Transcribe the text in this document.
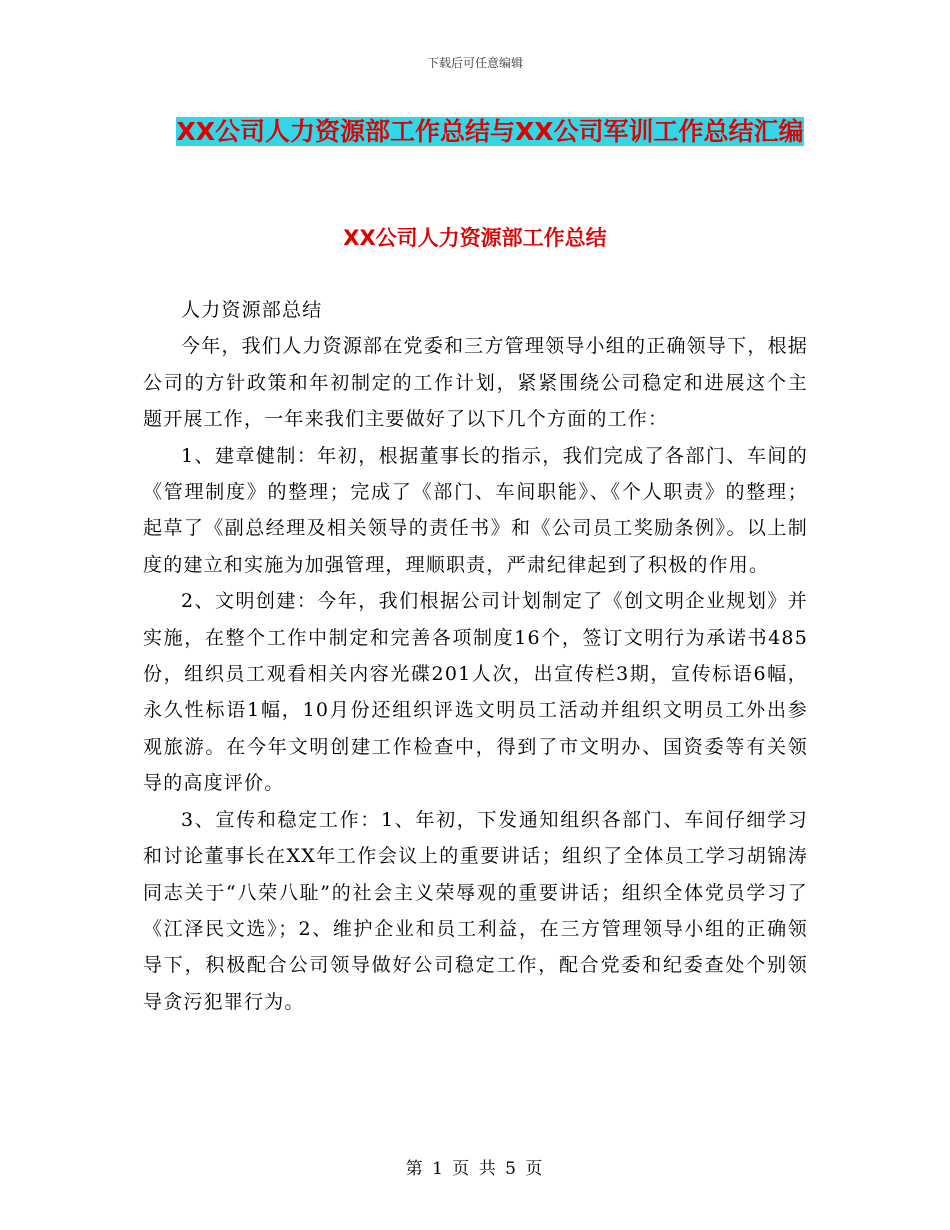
下载后可任意编辑
XX公司人力资源部工作总结与XX公司军训工作总结汇编
XX公司人力资源部工作总结

人力资源部总结

今年，我们人力资源部在党委和三方管理领导小组的正确领导下，根据公司的方针政策和年初制定的工作计划，紧紧围绕公司稳定和进展这个主题开展工作，一年来我们主要做好了以下几个方面的工作：

1、建章健制：年初，根据董事长的指示，我们完成了各部门、车间的《管理制度》的整理；完成了《部门、车间职能》、《个人职责》的整理；起草了《副总经理及相关领导的责任书》和《公司员工奖励条例》。以上制度的建立和实施为加强管理，理顺职责，严肃纪律起到了积极的作用。

2、文明创建：今年，我们根据公司计划制定了《创文明企业规划》并实施，在整个工作中制定和完善各项制度16个，签订文明行为承诺书485份，组织员工观看相关内容光碟201人次，出宣传栏3期，宣传标语6幅，永久性标语1幅，10月份还组织评选文明员工活动并组织文明员工外出参观旅游。在今年文明创建工作检查中，得到了市文明办、国资委等有关领导的高度评价。

3、宣传和稳定工作：1、年初，下发通知组织各部门、车间仔细学习和讨论董事长在XX年工作会议上的重要讲话；组织了全体员工学习胡锦涛同志关于“八荣八耻”的社会主义荣辱观的重要讲话；组织全体党员学习了《江泽民文选》；2、维护企业和员工利益，在三方管理领导小组的正确领导下，积极配合公司领导做好公司稳定工作，配合党委和纪委查处个别领导贪污犯罪行为。

第 1 页 共 5 页
